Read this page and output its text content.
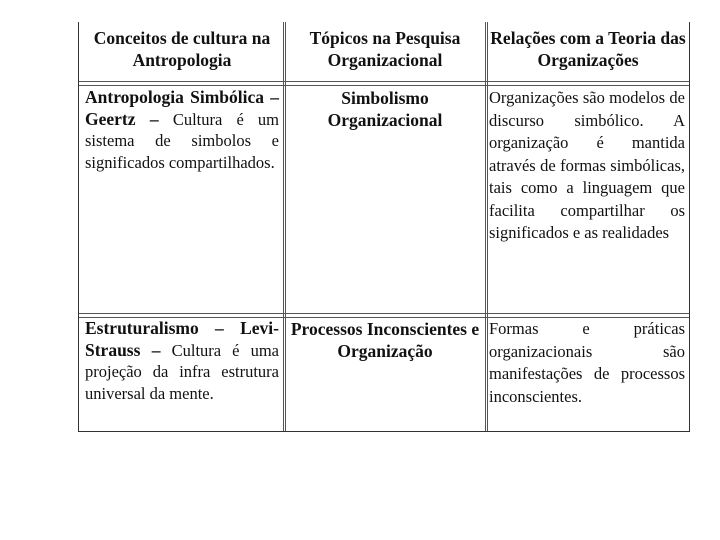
Conceitos de cultura na Antropologia
Tópicos na Pesquisa Organizacional
Relações com a Teoria das Organizações
Antropologia Simbólica – Geertz – Cultura é um sistema de simbolos e significados compartilhados.
Simbolismo Organizacional
Organizações são modelos de discurso simbólico. A organização é mantida através de formas simbólicas, tais como a linguagem que facilita compartilhar os significados e as realidades
Estruturalismo – Levi-Strauss – Cultura é uma projeção da infra estrutura universal da mente.
Processos Inconscientes e Organização
Formas e práticas organizacionais são manifestações de processos inconscientes.
